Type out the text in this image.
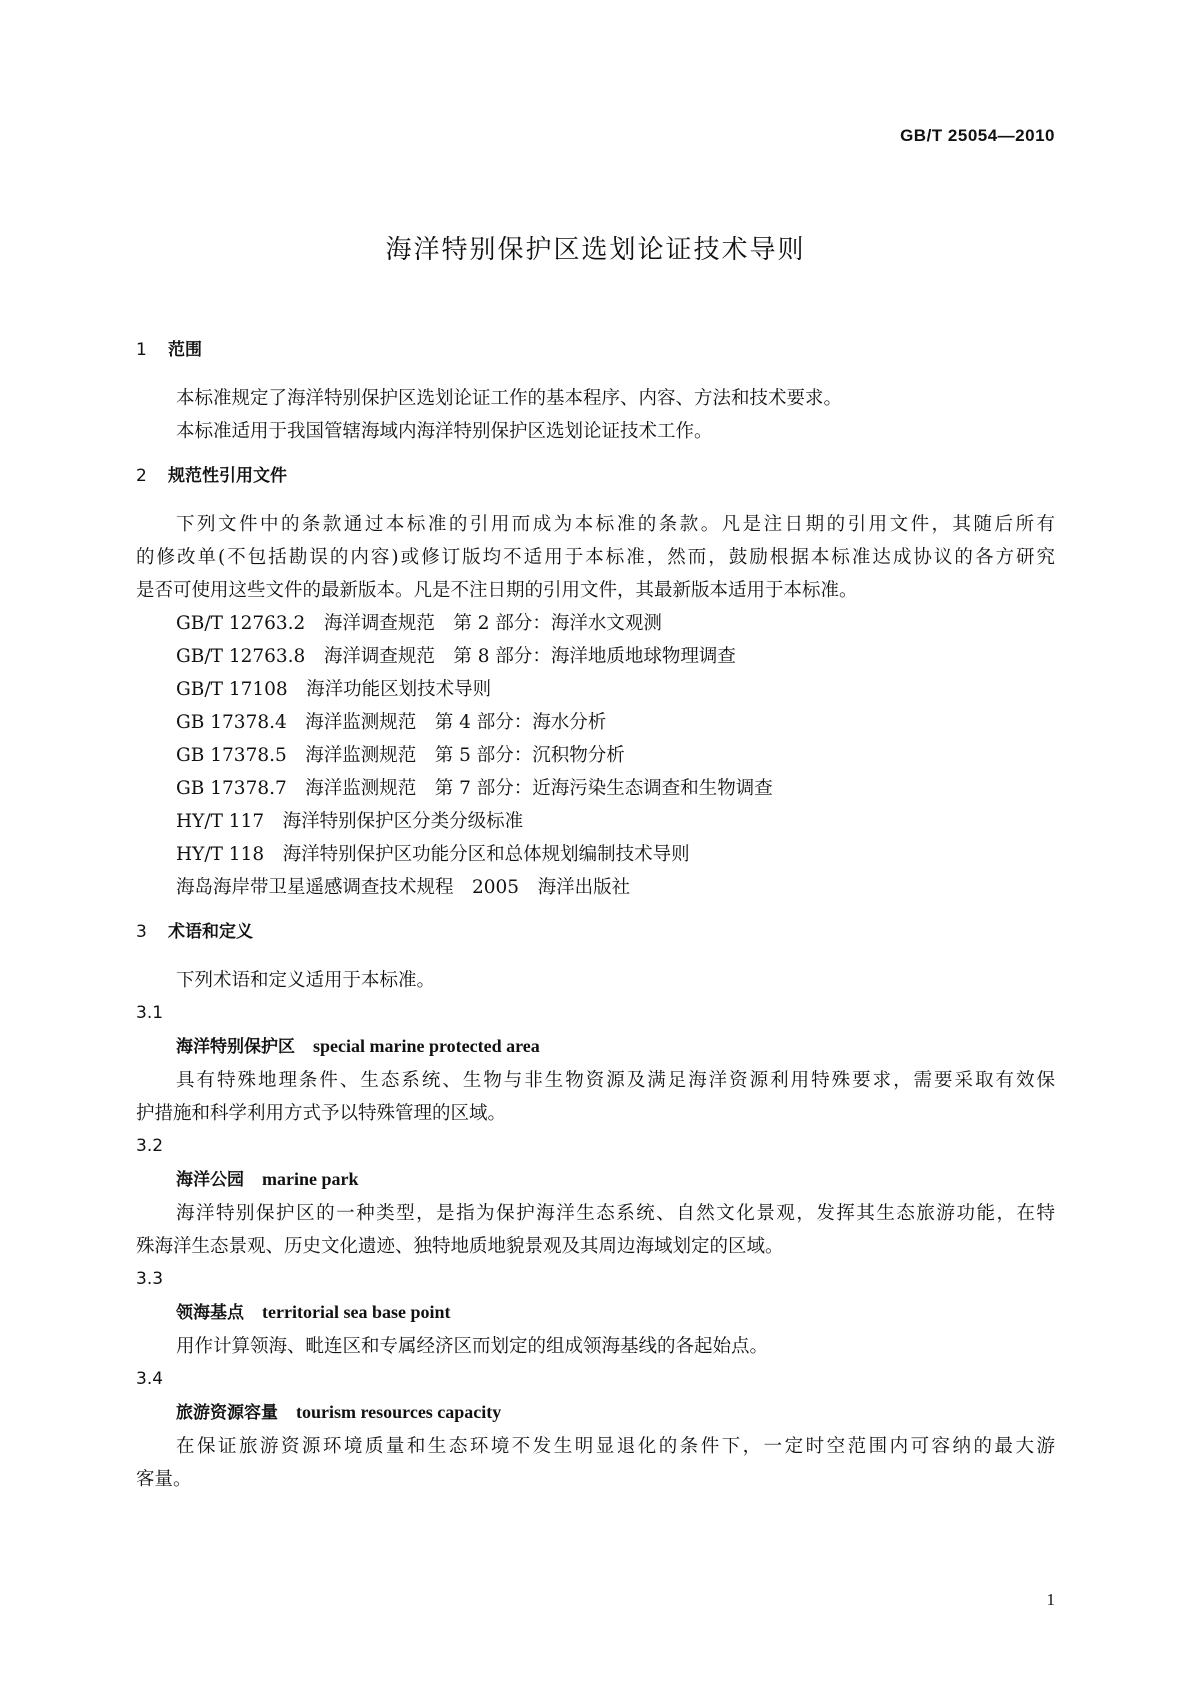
GB/T 25054—2010
海洋特别保护区选划论证技术导则
1 范围

本标准规定了海洋特别保护区选划论证工作的基本程序、内容、方法和技术要求。

本标准适用于我国管辖海域内海洋特别保护区选划论证技术工作。

2 规范性引用文件
下列文件中的条款通过本标准的引用而成为本标准的条款。凡是注日期的引用文件，其随后所有
的修改单(不包括勘误的内容)或修订版均不适用于本标准，然而，鼓励根据本标准达成协议的各方研究
是否可使用这些文件的最新版本。凡是不注日期的引用文件，其最新版本适用于本标准。
GB/T 12763.2　海洋调查规范　第 2 部分：海洋水文观测
GB/T 12763.8　海洋调查规范　第 8 部分：海洋地质地球物理调查
GB/T 17108　海洋功能区划技术导则
GB 17378.4　海洋监测规范　第 4 部分：海水分析
GB 17378.5　海洋监测规范　第 5 部分：沉积物分析
GB 17378.7　海洋监测规范　第 7 部分：近海污染生态调查和生物调查
HY/T 117　海洋特别保护区分类分级标准
HY/T 118　海洋特别保护区功能分区和总体规划编制技术导则
海岛海岸带卫星遥感调查技术规程　2005　海洋出版社
3 术语和定义

下列术语和定义适用于本标准。

3.1
海洋特别保护区 special marine protected area
具有特殊地理条件、生态系统、生物与非生物资源及满足海洋资源利用特殊要求，需要采取有效保
护措施和科学利用方式予以特殊管理的区域。
3.2
海洋公园 marine park
海洋特别保护区的一种类型，是指为保护海洋生态系统、自然文化景观，发挥其生态旅游功能，在特
殊海洋生态景观、历史文化遗迹、独特地质地貌景观及其周边海域划定的区域。
3.3
领海基点 territorial sea base point
用作计算领海、毗连区和专属经济区而划定的组成领海基线的各起始点。
3.4
旅游资源容量 tourism resources capacity
在保证旅游资源环境质量和生态环境不发生明显退化的条件下，一定时空范围内可容纳的最大游
客量。
1
